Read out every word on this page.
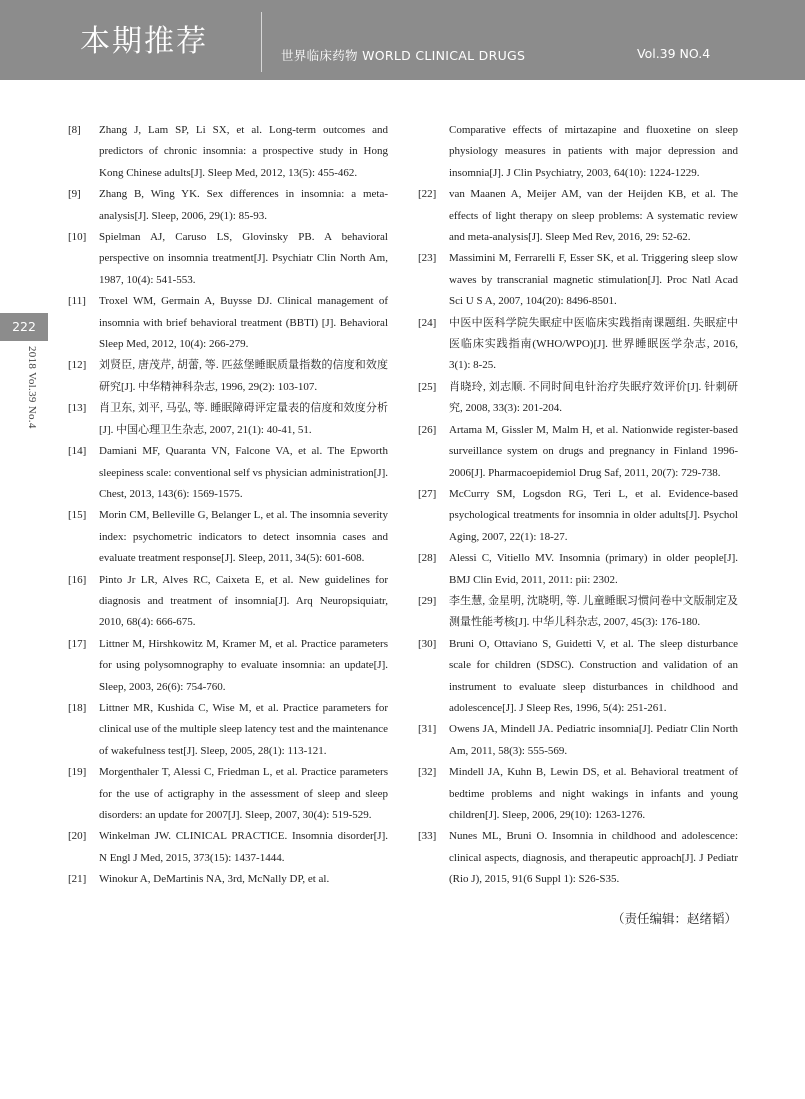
本期推荐	世界临床药物 WORLD CLINICAL DRUGS	Vol.39 NO.4
222
2018 Vol.39 No.4
[8] Zhang J, Lam SP, Li SX, et al. Long-term outcomes and predictors of chronic insomnia: a prospective study in Hong Kong Chinese adults[J]. Sleep Med, 2012, 13(5): 455-462.
[9] Zhang B, Wing YK. Sex differences in insomnia: a meta-analysis[J]. Sleep, 2006, 29(1): 85-93.
[10] Spielman AJ, Caruso LS, Glovinsky PB. A behavioral perspective on insomnia treatment[J]. Psychiatr Clin North Am, 1987, 10(4): 541-553.
[11] Troxel WM, Germain A, Buysse DJ. Clinical management of insomnia with brief behavioral treatment (BBTI) [J]. Behavioral Sleep Med, 2012, 10(4): 266-279.
[12] 刘贤臣, 唐茂芹, 胡蕾, 等. 匹兹堡睡眠质量指数的信度和效度研究[J]. 中华精神科杂志, 1996, 29(2): 103-107.
[13] 肖卫东, 刘平, 马弘, 等. 睡眠障碍评定量表的信度和效度分析[J]. 中国心理卫生杂志, 2007, 21(1): 40-41, 51.
[14] Damiani MF, Quaranta VN, Falcone VA, et al. The Epworth sleepiness scale: conventional self vs physician administration[J]. Chest, 2013, 143(6): 1569-1575.
[15] Morin CM, Belleville G, Belanger L, et al. The insomnia severity index: psychometric indicators to detect insomnia cases and evaluate treatment response[J]. Sleep, 2011, 34(5): 601-608.
[16] Pinto Jr LR, Alves RC, Caixeta E, et al. New guidelines for diagnosis and treatment of insomnia[J]. Arq Neuropsiquiatr, 2010, 68(4): 666-675.
[17] Littner M, Hirshkowitz M, Kramer M, et al. Practice parameters for using polysomnography to evaluate insomnia: an update[J]. Sleep, 2003, 26(6): 754-760.
[18] Littner MR, Kushida C, Wise M, et al. Practice parameters for clinical use of the multiple sleep latency test and the maintenance of wakefulness test[J]. Sleep, 2005, 28(1): 113-121.
[19] Morgenthaler T, Alessi C, Friedman L, et al. Practice parameters for the use of actigraphy in the assessment of sleep and sleep disorders: an update for 2007[J]. Sleep, 2007, 30(4): 519-529.
[20] Winkelman JW. CLINICAL PRACTICE. Insomnia disorder[J]. N Engl J Med, 2015, 373(15): 1437-1444.
[21] Winokur A, DeMartinis NA, 3rd, McNally DP, et al.
Comparative effects of mirtazapine and fluoxetine on sleep physiology measures in patients with major depression and insomnia[J]. J Clin Psychiatry, 2003, 64(10): 1224-1229.
[22] van Maanen A, Meijer AM, van der Heijden KB, et al. The effects of light therapy on sleep problems: A systematic review and meta-analysis[J]. Sleep Med Rev, 2016, 29: 52-62.
[23] Massimini M, Ferrarelli F, Esser SK, et al. Triggering sleep slow waves by transcranial magnetic stimulation[J]. Proc Natl Acad Sci U S A, 2007, 104(20): 8496-8501.
[24] 中医中医科学院失眠症中医临床实践指南课题组. 失眠症中医临床实践指南(WHO/WPO)[J]. 世界睡眠医学杂志, 2016, 3(1): 8-25.
[25] 肖晓玲, 刘志顺. 不同时间电针治疗失眠疗效评价[J]. 针刺研究, 2008, 33(3): 201-204.
[26] Artama M, Gissler M, Malm H, et al. Nationwide register-based surveillance system on drugs and pregnancy in Finland 1996-2006[J]. Pharmacoepidemiol Drug Saf, 2011, 20(7): 729-738.
[27] McCurry SM, Logsdon RG, Teri L, et al. Evidence-based psychological treatments for insomnia in older adults[J]. Psychol Aging, 2007, 22(1): 18-27.
[28] Alessi C, Vitiello MV. Insomnia (primary) in older people[J]. BMJ Clin Evid, 2011, 2011: pii: 2302.
[29] 李生慧, 金星明, 沈晓明, 等. 儿童睡眠习惯问卷中文版制定及测量性能考核[J]. 中华儿科杂志, 2007, 45(3): 176-180.
[30] Bruni O, Ottaviano S, Guidetti V, et al. The sleep disturbance scale for children (SDSC). Construction and validation of an instrument to evaluate sleep disturbances in childhood and adolescence[J]. J Sleep Res, 1996, 5(4): 251-261.
[31] Owens JA, Mindell JA. Pediatric insomnia[J]. Pediatr Clin North Am, 2011, 58(3): 555-569.
[32] Mindell JA, Kuhn B, Lewin DS, et al. Behavioral treatment of bedtime problems and night wakings in infants and young children[J]. Sleep, 2006, 29(10): 1263-1276.
[33] Nunes ML, Bruni O. Insomnia in childhood and adolescence: clinical aspects, diagnosis, and therapeutic approach[J]. J Pediatr (Rio J), 2015, 91(6 Suppl 1): S26-S35.
（责任编辑：赵绪韬）
